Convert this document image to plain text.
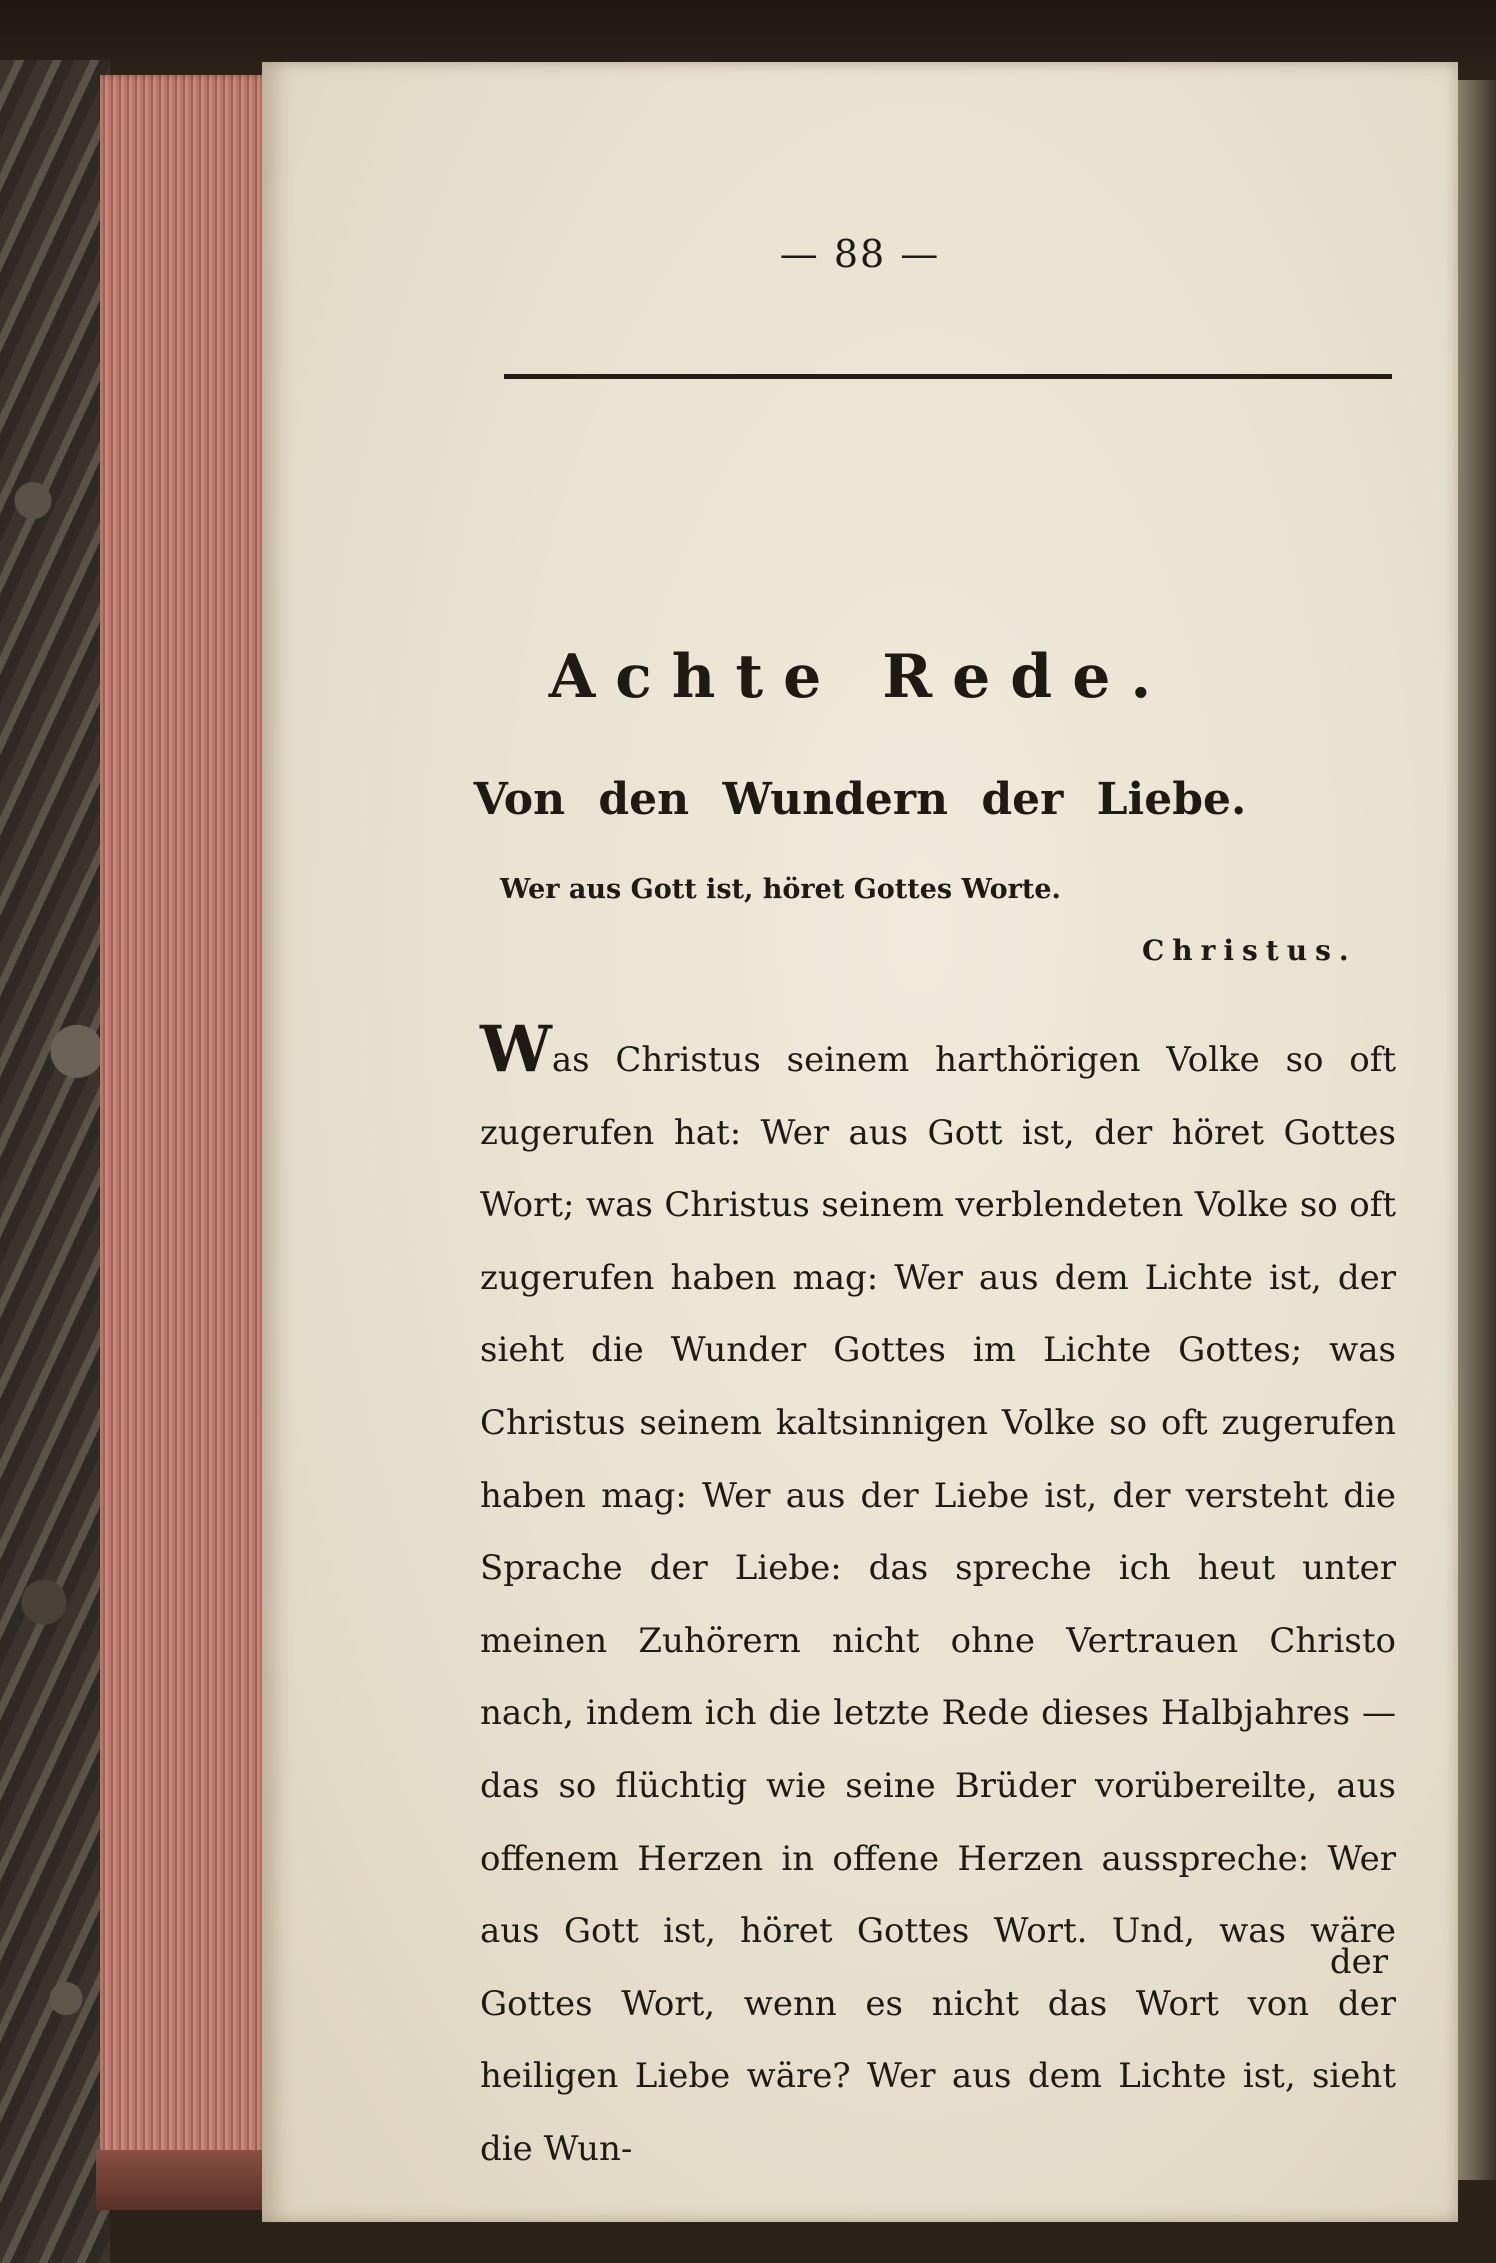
— 88 —
Achte Rede.
Von den Wundern der Liebe.
Wer aus Gott ist, höret Gottes Worte.
Christus.
Was Christus seinem harthörigen Volke so oft zugerufen hat: Wer aus Gott ist, der höret Gottes Wort; was Christus seinem verblendeten Volke so oft zugerufen haben mag: Wer aus dem Lichte ist, der sieht die Wunder Gottes im Lichte Gottes; was Christus seinem kaltsinnigen Volke so oft zugerufen haben mag: Wer aus der Liebe ist, der versteht die Sprache der Liebe: das spreche ich heut unter meinen Zuhörern nicht ohne Vertrauen Christo nach, indem ich die letzte Rede dieses Halbjahres — das so flüchtig wie seine Brüder vorübereilte, aus offenem Herzen in offene Herzen ausspreche: Wer aus Gott ist, höret Gottes Wort. Und, was wäre Gottes Wort, wenn es nicht das Wort von der heiligen Liebe wäre? Wer aus dem Lichte ist, sieht die Wun-
der
